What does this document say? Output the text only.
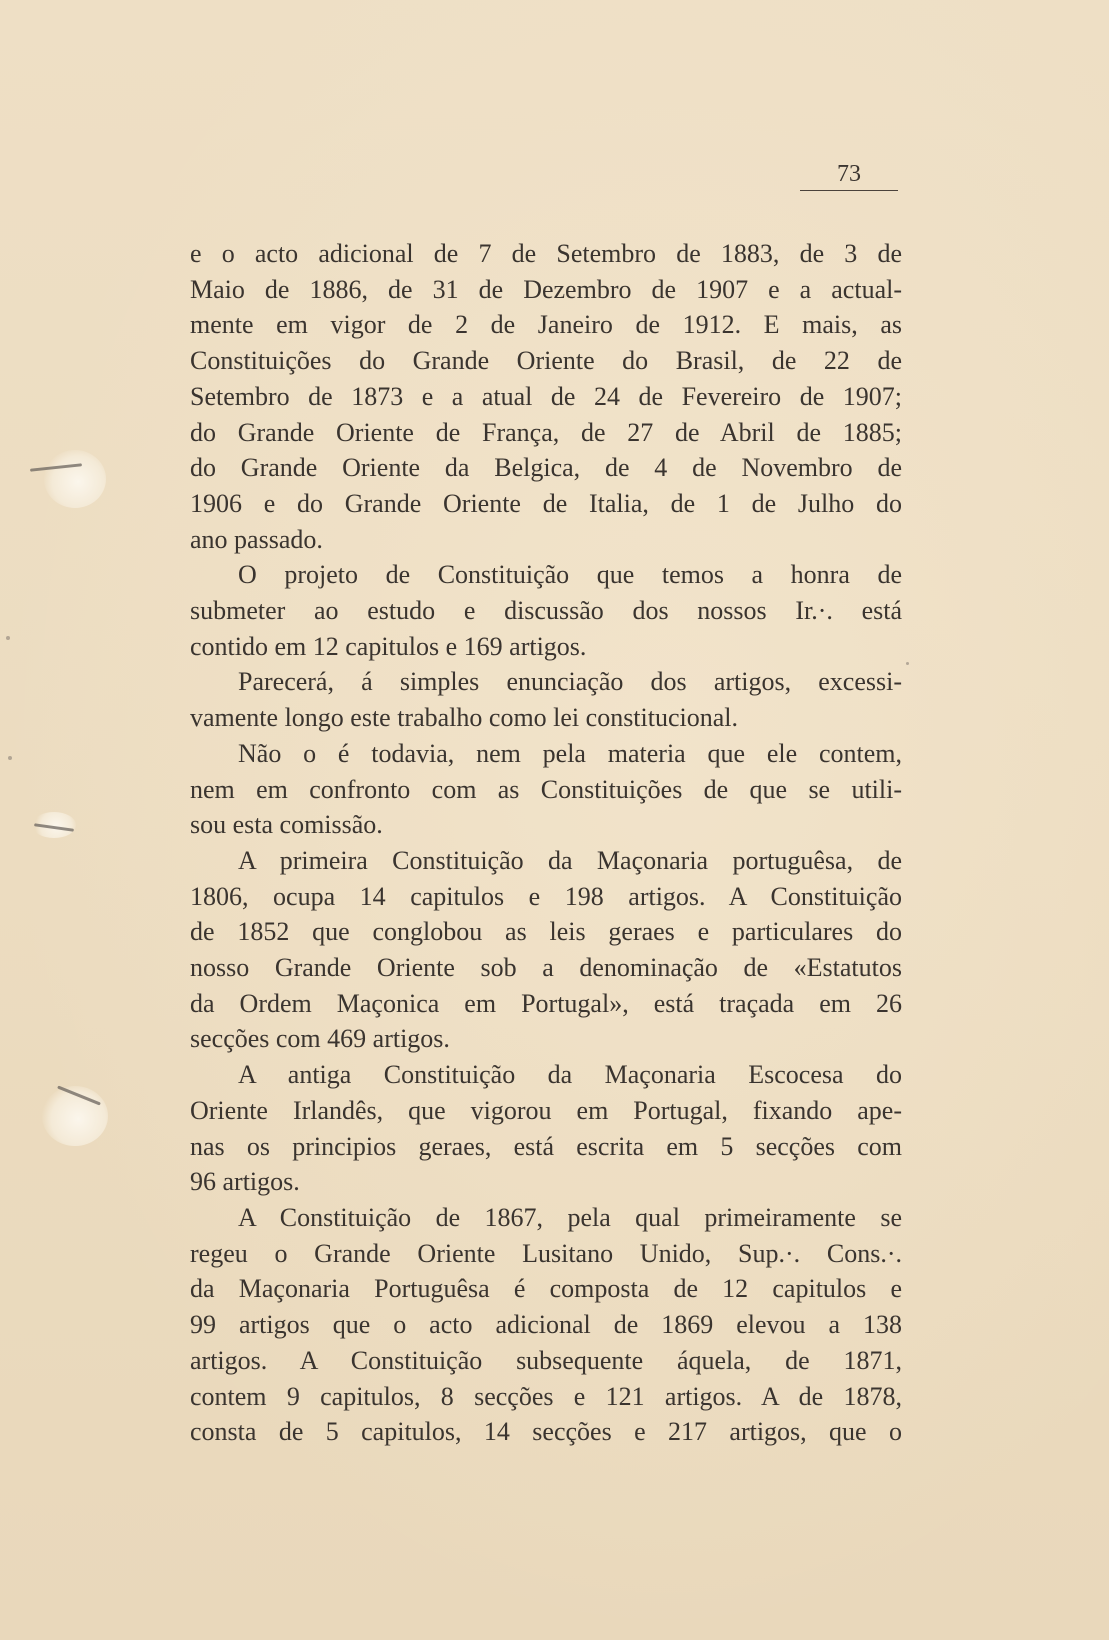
73
e o acto adicional de 7 de Setembro de 1883, de 3 de
Maio de 1886, de 31 de Dezembro de 1907 e a actual-
mente em vigor de 2 de Janeiro de 1912. E mais, as
Constituições do Grande Oriente do Brasil, de 22 de
Setembro de 1873 e a atual de 24 de Fevereiro de 1907;
do Grande Oriente de França, de 27 de Abril de 1885;
do Grande Oriente da Belgica, de 4 de Novembro de
1906 e do Grande Oriente de Italia, de 1 de Julho do
ano passado.
O projeto de Constituição que temos a honra de
submeter ao estudo e discussão dos nossos Ir.·. está
contido em 12 capitulos e 169 artigos.
Parecerá, á simples enunciação dos artigos, excessi-
vamente longo este trabalho como lei constitucional.
Não o é todavia, nem pela materia que ele contem,
nem em confronto com as Constituições de que se utili-
sou esta comissão.
A primeira Constituição da Maçonaria portuguêsa, de
1806, ocupa 14 capitulos e 198 artigos. A Constituição
de 1852 que conglobou as leis geraes e particulares do
nosso Grande Oriente sob a denominação de «Estatutos
da Ordem Maçonica em Portugal», está traçada em 26
secções com 469 artigos.
A antiga Constituição da Maçonaria Escocesa do
Oriente Irlandês, que vigorou em Portugal, fixando ape-
nas os principios geraes, está escrita em 5 secções com
96 artigos.
A Constituição de 1867, pela qual primeiramente se
regeu o Grande Oriente Lusitano Unido, Sup.·. Cons.·.
da Maçonaria Portuguêsa é composta de 12 capitulos e
99 artigos que o acto adicional de 1869 elevou a 138
artigos. A Constituição subsequente áquela, de 1871,
contem 9 capitulos, 8 secções e 121 artigos. A de 1878,
consta de 5 capitulos, 14 secções e 217 artigos, que o
